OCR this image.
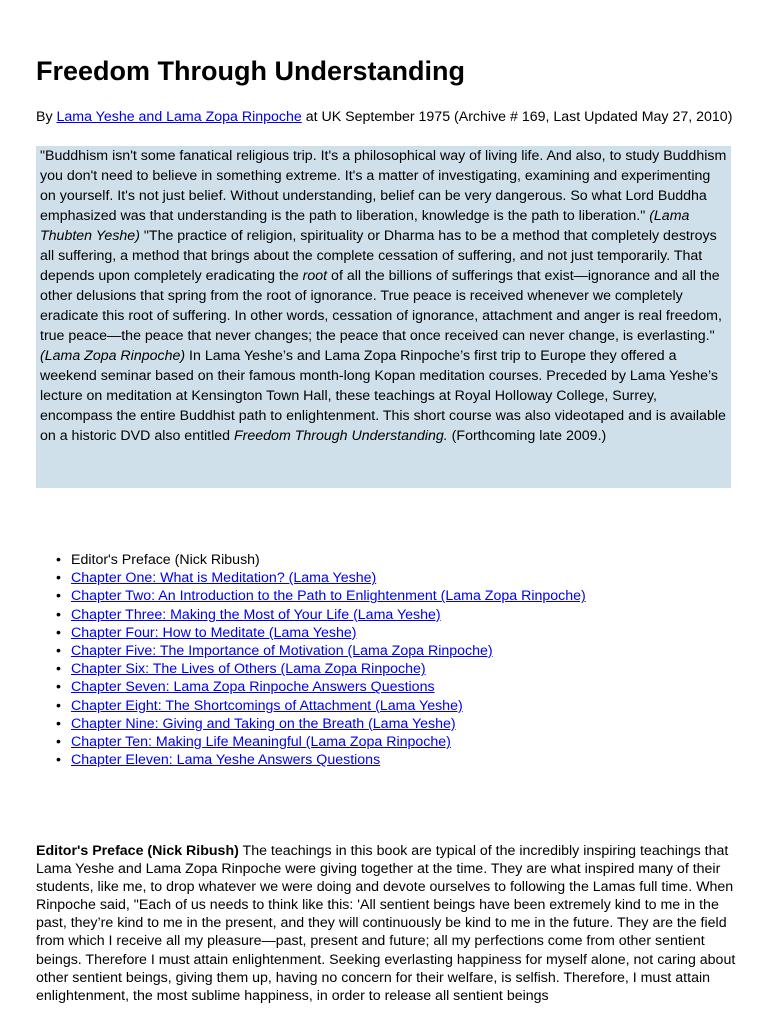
Freedom Through Understanding
By Lama Yeshe and Lama Zopa Rinpoche at UK September 1975 (Archive # 169, Last Updated May 27, 2010)
"Buddhism isn't some fanatical religious trip. It's a philosophical way of living life. And also, to study Buddhism you don't need to believe in something extreme. It's a matter of investigating, examining and experimenting on yourself. It's not just belief. Without understanding, belief can be very dangerous. So what Lord Buddha emphasized was that understanding is the path to liberation, knowledge is the path to liberation." (Lama Thubten Yeshe) "The practice of religion, spirituality or Dharma has to be a method that completely destroys all suffering, a method that brings about the complete cessation of suffering, and not just temporarily. That depends upon completely eradicating the root of all the billions of sufferings that exist—ignorance and all the other delusions that spring from the root of ignorance. True peace is received whenever we completely eradicate this root of suffering. In other words, cessation of ignorance, attachment and anger is real freedom, true peace—the peace that never changes; the peace that once received can never change, is everlasting." (Lama Zopa Rinpoche) In Lama Yeshe’s and Lama Zopa Rinpoche’s first trip to Europe they offered a weekend seminar based on their famous month-long Kopan meditation courses. Preceded by Lama Yeshe’s lecture on meditation at Kensington Town Hall, these teachings at Royal Holloway College, Surrey, encompass the entire Buddhist path to enlightenment. This short course was also videotaped and is available on a historic DVD also entitled Freedom Through Understanding. (Forthcoming late 2009.)
• Editor's Preface (Nick Ribush)
• Chapter One: What is Meditation? (Lama Yeshe)
• Chapter Two: An Introduction to the Path to Enlightenment (Lama Zopa Rinpoche)
• Chapter Three: Making the Most of Your Life (Lama Yeshe)
• Chapter Four: How to Meditate (Lama Yeshe)
• Chapter Five: The Importance of Motivation (Lama Zopa Rinpoche)
• Chapter Six: The Lives of Others (Lama Zopa Rinpoche)
• Chapter Seven: Lama Zopa Rinpoche Answers Questions
• Chapter Eight: The Shortcomings of Attachment (Lama Yeshe)
• Chapter Nine: Giving and Taking on the Breath (Lama Yeshe)
• Chapter Ten: Making Life Meaningful (Lama Zopa Rinpoche)
• Chapter Eleven: Lama Yeshe Answers Questions
Editor's Preface (Nick Ribush) The teachings in this book are typical of the incredibly inspiring teachings that Lama Yeshe and Lama Zopa Rinpoche were giving together at the time. They are what inspired many of their students, like me, to drop whatever we were doing and devote ourselves to following the Lamas full time. When Rinpoche said, "Each of us needs to think like this: 'All sentient beings have been extremely kind to me in the past, they’re kind to me in the present, and they will continuously be kind to me in the future. They are the field from which I receive all my pleasure—past, present and future; all my perfections come from other sentient beings. Therefore I must attain enlightenment. Seeking everlasting happiness for myself alone, not caring about other sentient beings, giving them up, having no concern for their welfare, is selfish. Therefore, I must attain enlightenment, the most sublime happiness, in order to release all sentient beings
